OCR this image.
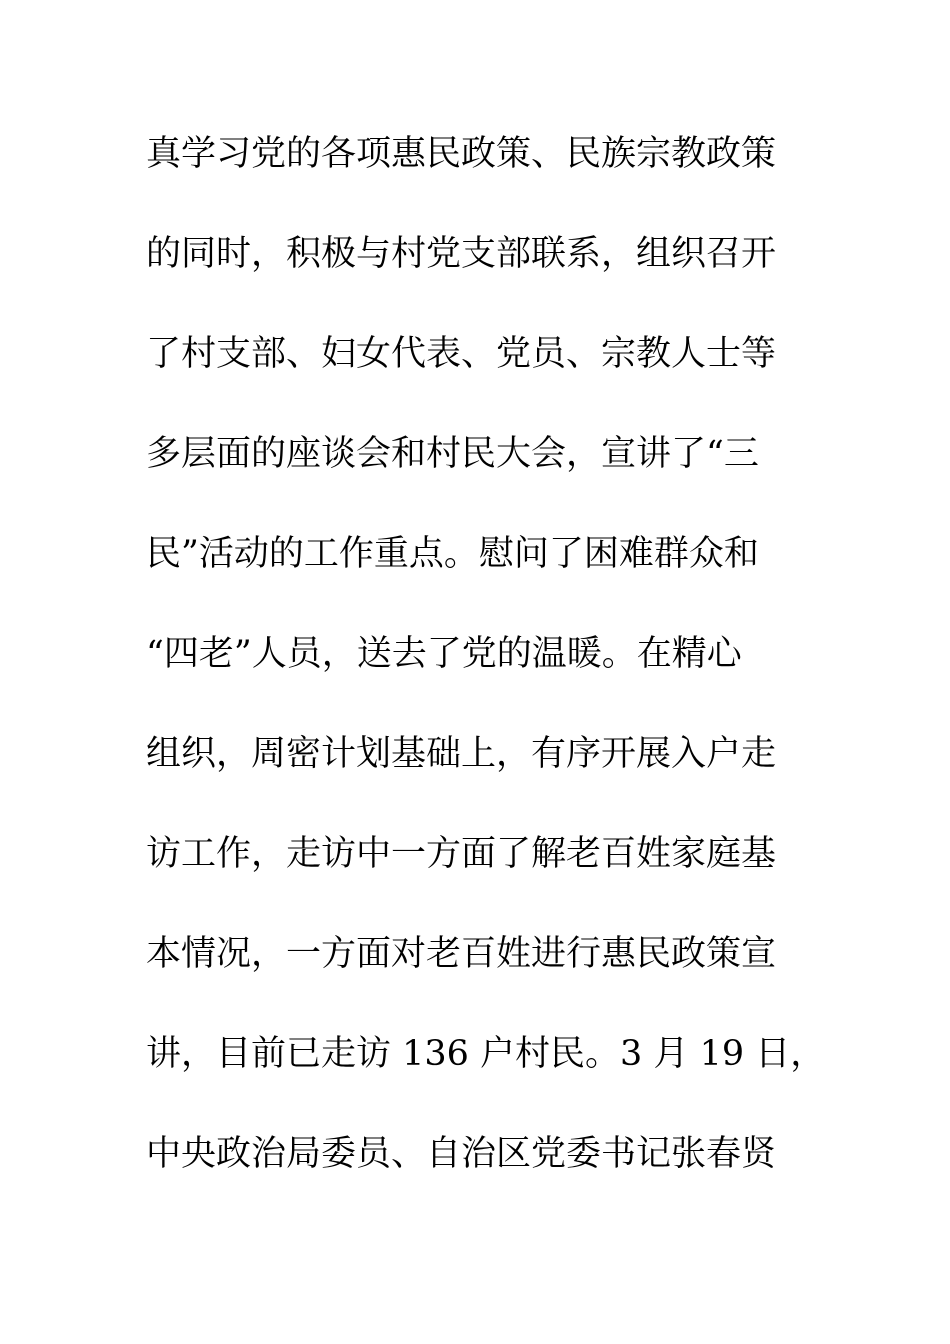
真学习党的各项惠民政策、民族宗教政策
的同时，积极与村党支部联系，组织召开
了村支部、妇女代表、党员、宗教人士等
多层面的座谈会和村民大会，宣讲了“三
民”活动的工作重点。慰问了困难群众和
“四老”人员，送去了党的温暖。在精心
组织，周密计划基础上，有序开展入户走
访工作，走访中一方面了解老百姓家庭基
本情况，一方面对老百姓进行惠民政策宣
讲，目前已走访 136 户村民。3 月 19 日，
中央政治局委员、自治区党委书记张春贤
